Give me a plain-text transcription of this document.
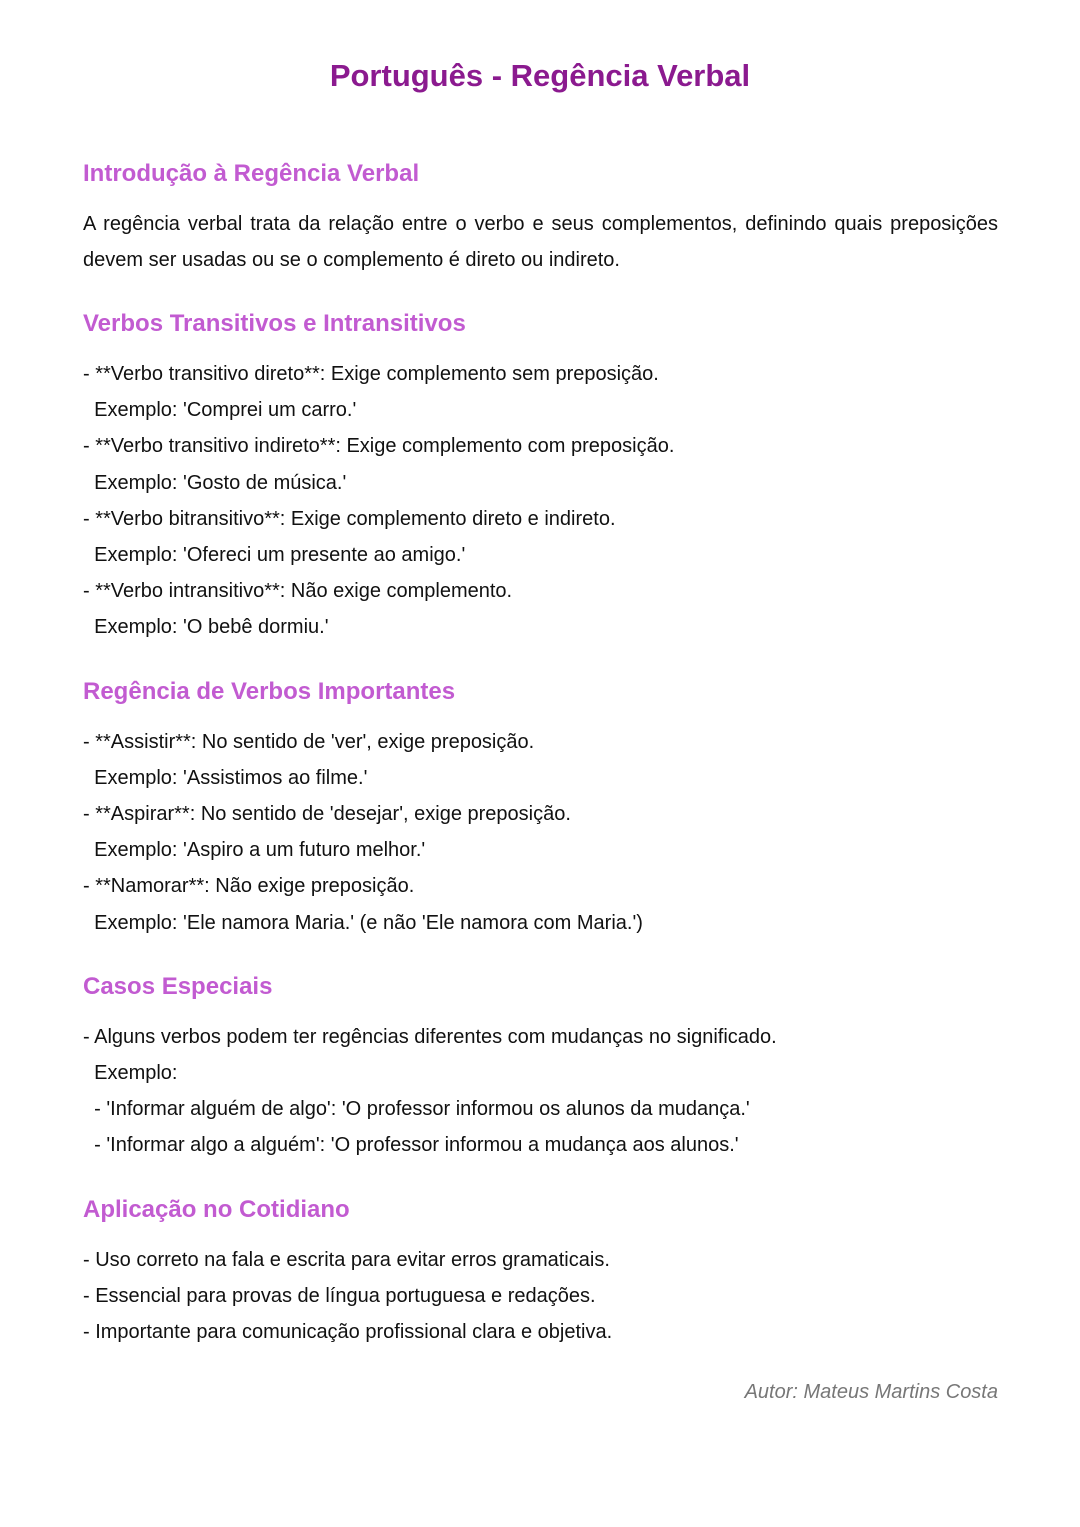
Português - Regência Verbal
Introdução à Regência Verbal

A regência verbal trata da relação entre o verbo e seus complementos, definindo quais preposições devem ser usadas ou se o complemento é direto ou indireto.

Verbos Transitivos e Intransitivos

- **Verbo transitivo direto**: Exige complemento sem preposição.

Exemplo: 'Comprei um carro.'

- **Verbo transitivo indireto**: Exige complemento com preposição.

Exemplo: 'Gosto de música.'

- **Verbo bitransitivo**: Exige complemento direto e indireto.

Exemplo: 'Ofereci um presente ao amigo.'

- **Verbo intransitivo**: Não exige complemento.

Exemplo: 'O bebê dormiu.'

Regência de Verbos Importantes

- **Assistir**: No sentido de 'ver', exige preposição.

Exemplo: 'Assistimos ao filme.'

- **Aspirar**: No sentido de 'desejar', exige preposição.

Exemplo: 'Aspiro a um futuro melhor.'

- **Namorar**: Não exige preposição.

Exemplo: 'Ele namora Maria.' (e não 'Ele namora com Maria.')

Casos Especiais

- Alguns verbos podem ter regências diferentes com mudanças no significado.

Exemplo:

- 'Informar alguém de algo': 'O professor informou os alunos da mudança.'

- 'Informar algo a alguém': 'O professor informou a mudança aos alunos.'

Aplicação no Cotidiano

- Uso correto na fala e escrita para evitar erros gramaticais.

- Essencial para provas de língua portuguesa e redações.

- Importante para comunicação profissional clara e objetiva.

Autor: Mateus Martins Costa
